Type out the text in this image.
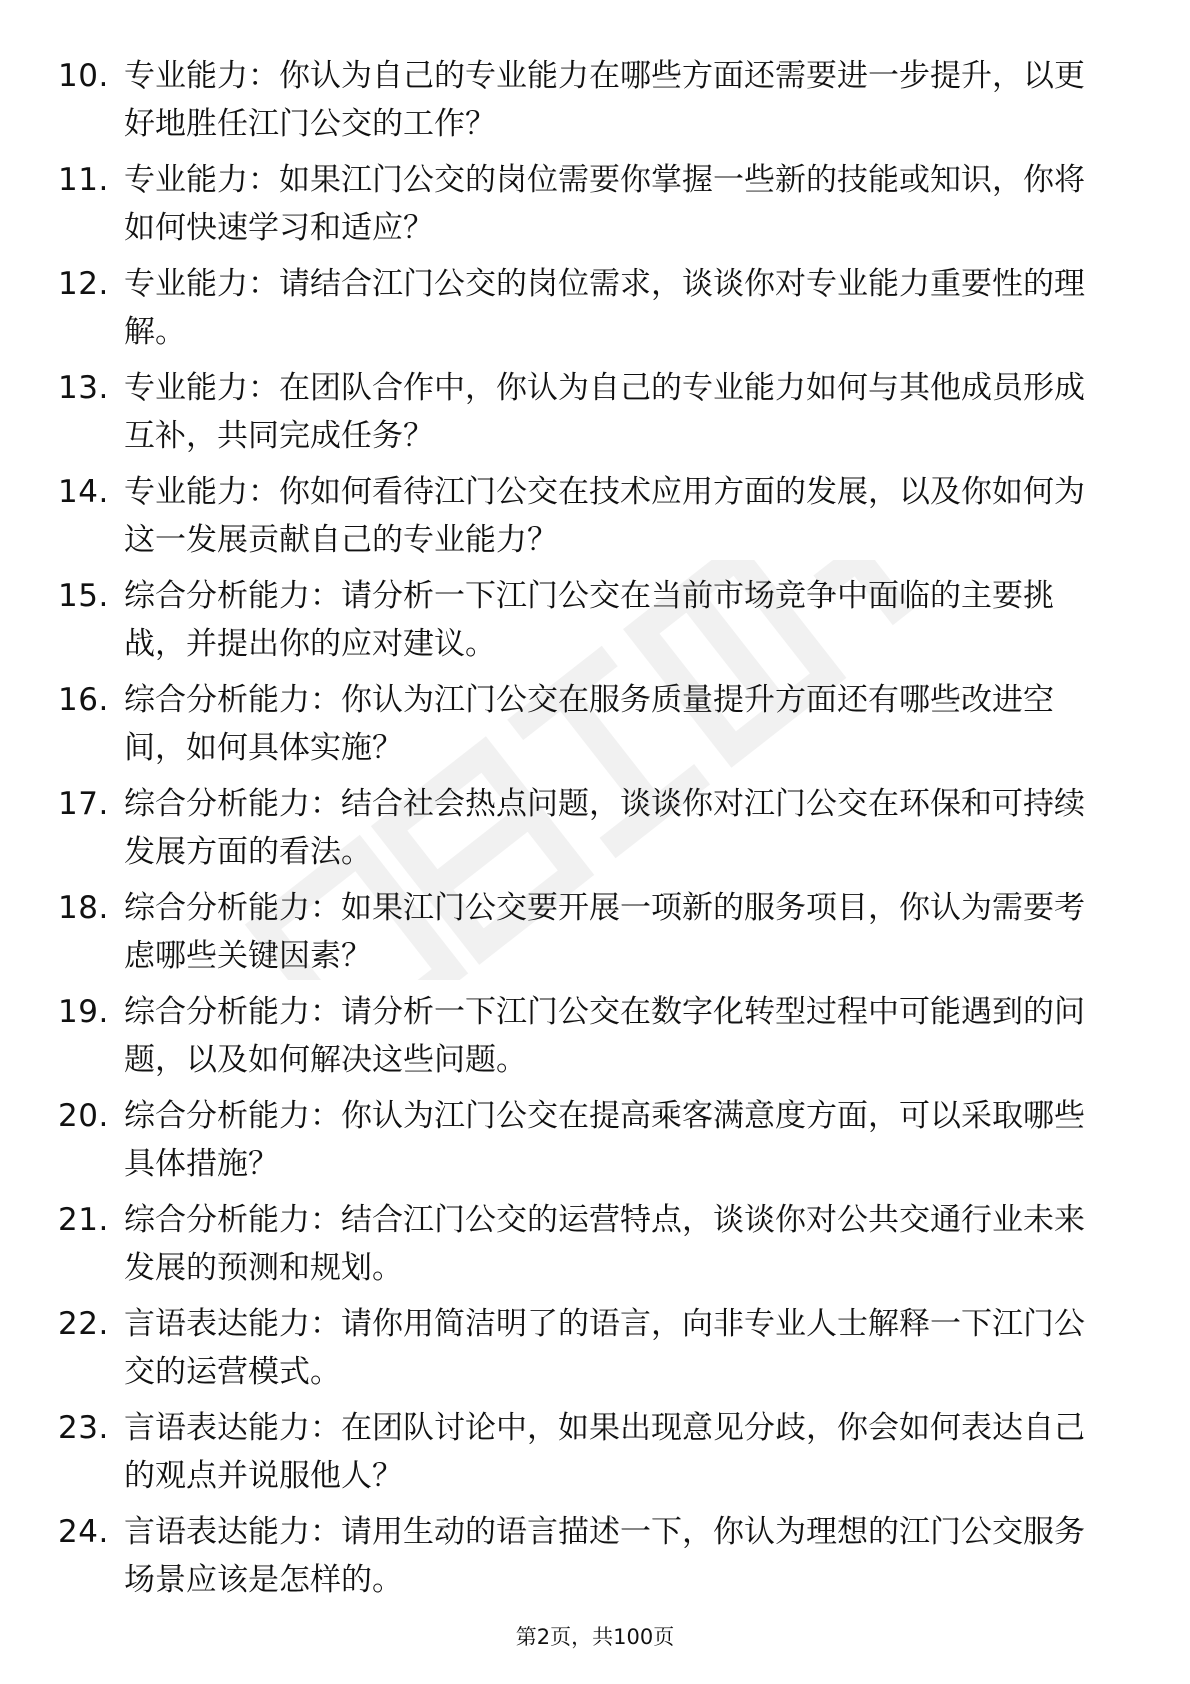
10. 专业能力：你认为自己的专业能力在哪些方面还需要进一步提升，以更好地胜任江门公交的工作？
11. 专业能力：如果江门公交的岗位需要你掌握一些新的技能或知识，你将如何快速学习和适应？
12. 专业能力：请结合江门公交的岗位需求，谈谈你对专业能力重要性的理解。
13. 专业能力：在团队合作中，你认为自己的专业能力如何与其他成员形成互补，共同完成任务？
14. 专业能力：你如何看待江门公交在技术应用方面的发展，以及你如何为这一发展贡献自己的专业能力？
15. 综合分析能力：请分析一下江门公交在当前市场竞争中面临的主要挑战，并提出你的应对建议。
16. 综合分析能力：你认为江门公交在服务质量提升方面还有哪些改进空间，如何具体实施？
17. 综合分析能力：结合社会热点问题，谈谈你对江门公交在环保和可持续发展方面的看法。
18. 综合分析能力：如果江门公交要开展一项新的服务项目，你认为需要考虑哪些关键因素？
19. 综合分析能力：请分析一下江门公交在数字化转型过程中可能遇到的问题，以及如何解决这些问题。
20. 综合分析能力：你认为江门公交在提高乘客满意度方面，可以采取哪些具体措施？
21. 综合分析能力：结合江门公交的运营特点，谈谈你对公共交通行业未来发展的预测和规划。
22. 言语表达能力：请你用简洁明了的语言，向非专业人士解释一下江门公交的运营模式。
23. 言语表达能力：在团队讨论中，如果出现意见分歧，你会如何表达自己的观点并说服他人？
24. 言语表达能力：请用生动的语言描述一下，你认为理想的江门公交服务场景应该是怎样的。
第2页，共100页
